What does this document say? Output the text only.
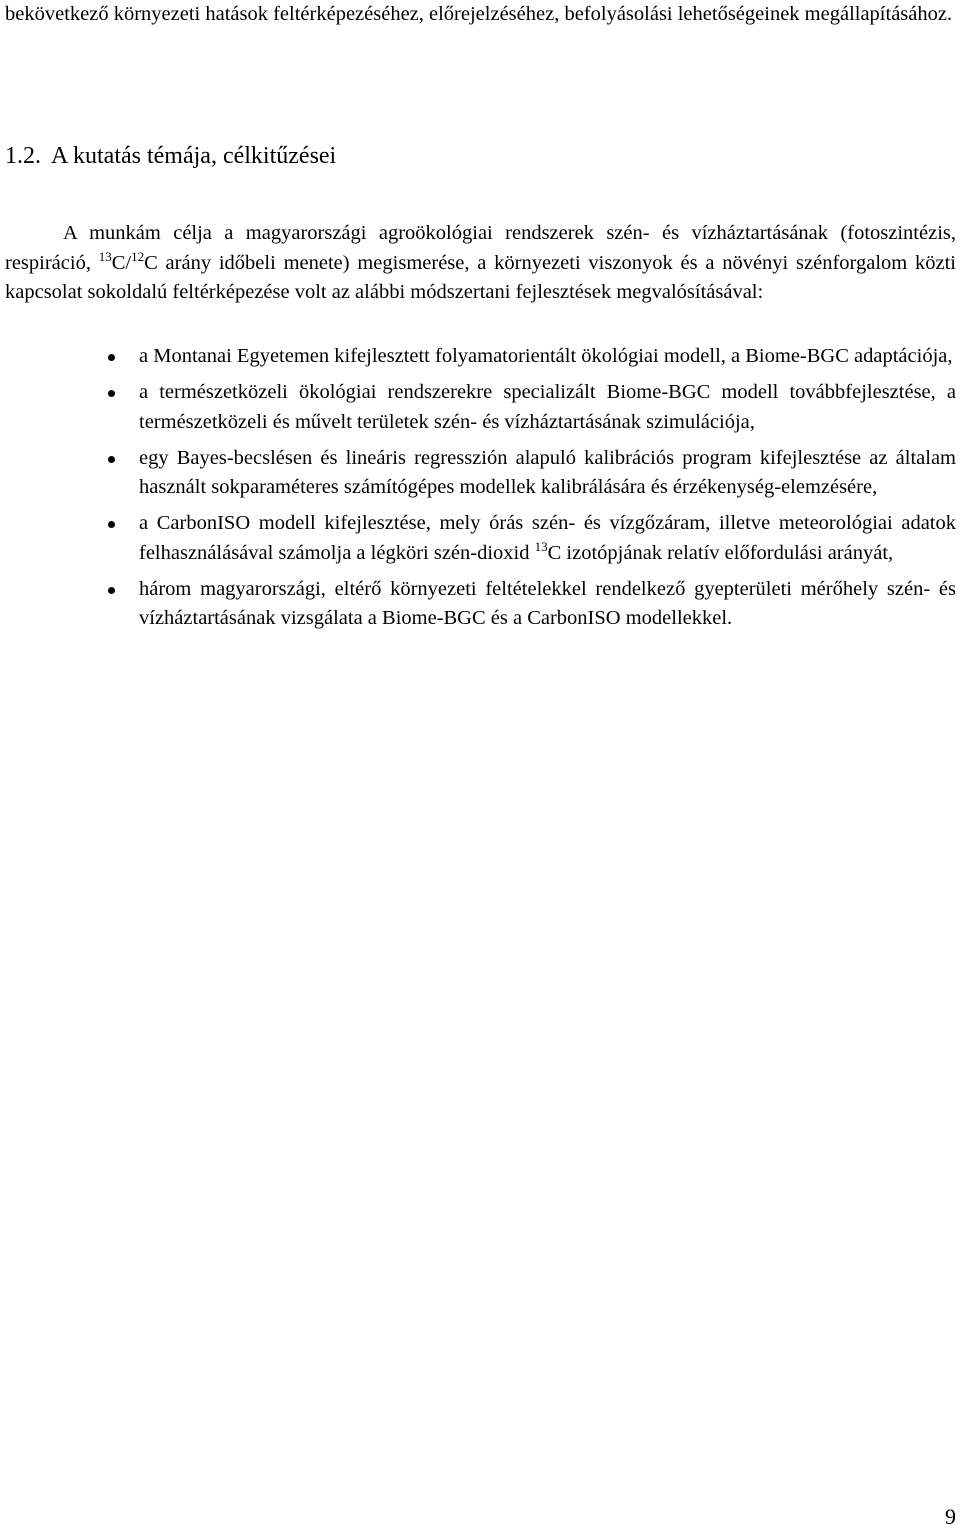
bekövetkező környezeti hatások feltérképezéséhez, előrejelzéséhez, befolyásolási lehetőségeinek megállapításához.
1.2. A kutatás témája, célkitűzései
A munkám célja a magyarországi agroökológiai rendszerek szén- és vízháztartásának (fotoszintézis, respiráció, $^{13}$C/$^{12}$C arány időbeli menete) megismerése, a környezeti viszonyok és a növényi szénforgalom közti kapcsolat sokoldalú feltérképezése volt az alábbi módszertani fejlesztések megvalósításával:
a Montanai Egyetemen kifejlesztett folyamatorientált ökológiai modell, a Biome-BGC adaptációja,
a természetközeli ökológiai rendszerekre specializált Biome-BGC modell továbbfejlesztése, a természetközeli és művelt területek szén- és vízháztartásának szimulációja,
egy Bayes-becslésen és lineáris regresszión alapuló kalibrációs program kifejlesztése az általam használt sokparaméteres számítógépes modellek kalibrálására és érzékenység-elemzésére,
a CarbonISO modell kifejlesztése, mely órás szén- és vízgőzáram, illetve meteorológiai adatok felhasználásával számolja a légköri szén-dioxid $^{13}$C izotópjának relatív előfordulási arányát,
három magyarországi, eltérő környezeti feltételekkel rendelkező gyepterületi mérőhely szén- és vízháztartásának vizsgálata a Biome-BGC és a CarbonISO modellekkel.
9
